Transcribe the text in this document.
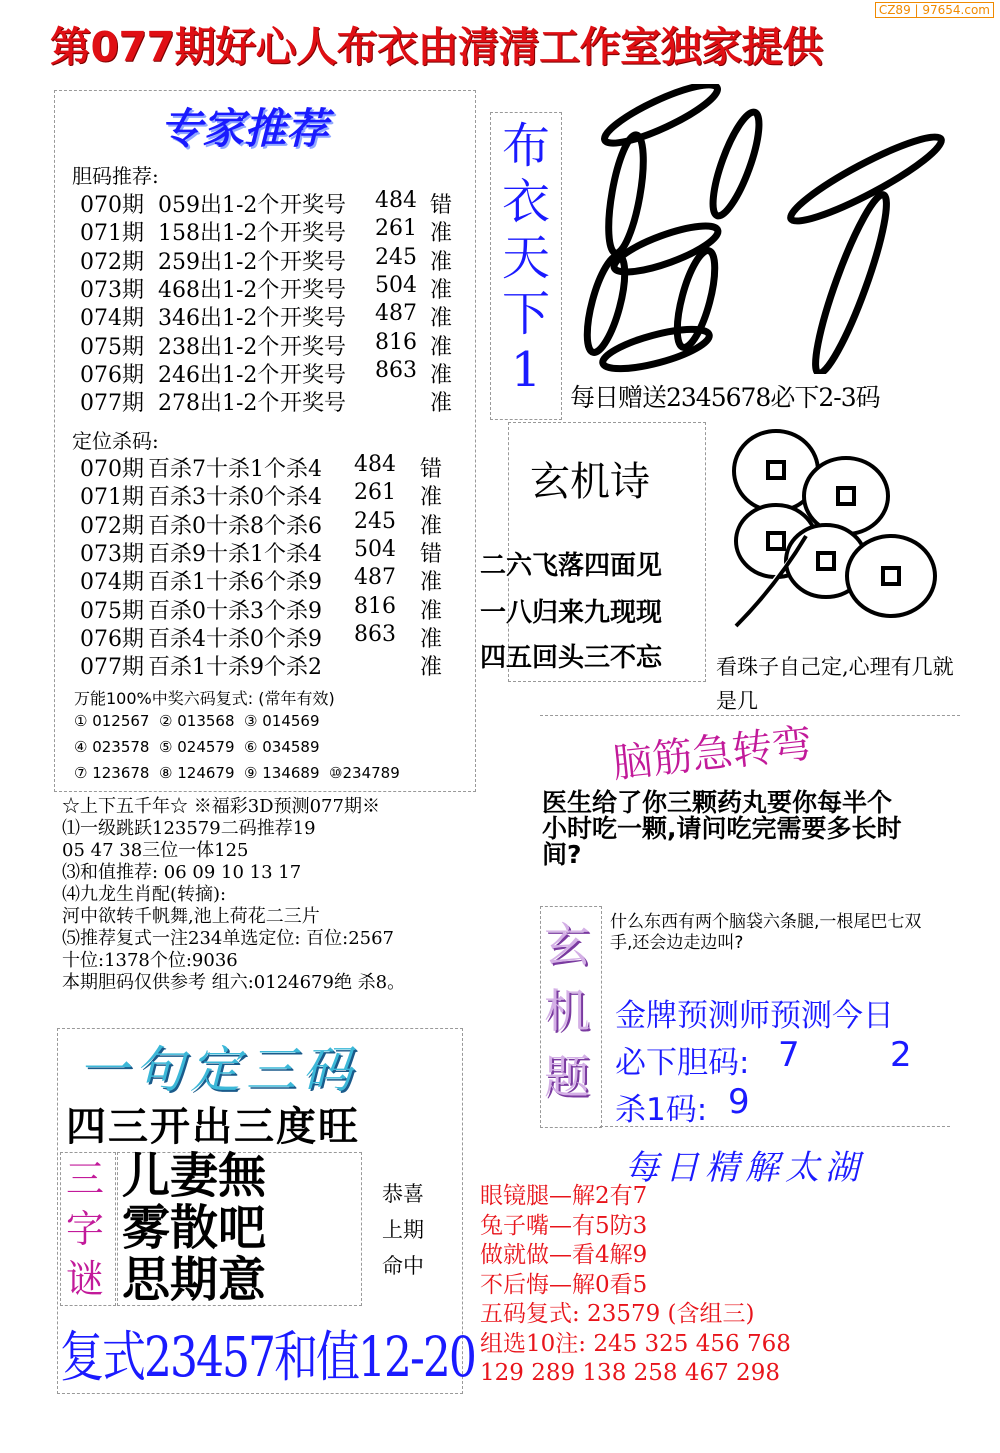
CZ89 | 97654.com
第077期好心人布衣由清清工作室独家提供
专家推荐
胆码推荐:
070期 059出1-2个 开奖号 484 错
071期 158出1-2个 开奖号 261 准
072期 259出1-2个 开奖号 245 准
073期 468出1-2个 开奖号 504 准
074期 346出1-2个 开奖号 487 准
075期 238出1-2个 开奖号 816 准
076期 246出1-2个 开奖号 863 准
077期 278出1-2个 开奖号	准
定位杀码:
070期 百杀7十杀1个杀4 484 错
071期 百杀3十杀0个杀4 261 准
072期 百杀0十杀8个杀6 245 准
073期 百杀9十杀1个杀4 504 错
074期 百杀1十杀6个杀9 487 准
075期 百杀0十杀3个杀9 816 准
076期 百杀4十杀0个杀9 863 准
077期 百杀1十杀9个杀2	准
万能100%中奖六码复式: (常年有效)
① 012567  ② 013568  ③ 014569
④ 023578  ⑤ 024579  ⑥ 034589
⑦ 123678  ⑧ 124679  ⑨ 134689  ⑩234789
☆上下五千年☆ ※福彩3D预测077期※
⑴一级跳跃123579二码推荐19
05 47 38三位一体125
⑶和值推荐: 06 09 10 13 17
⑷九龙生肖配(转摘):
河中欲转千帆舞,池上荷花二三片
⑸推荐复式一注234单选定位: 百位:2567
十位:1378个位:9036
本期胆码仅供参考 组六:0124679绝 杀8。
一句定三码
四三开出三度旺
三字谜
儿妻無
雾散吧
思期意
恭喜
上期
命中
复式23457和值12-20
布
衣
天
下
1	每日赠送2345678必下2-3码
玄机诗
二六飞落四面见
一八归来九现现
四五回头三不忘	看珠子自己定,心理有几就是几
脑筋急转弯
医生给了你三颗药丸要你每半个小时吃一颗,请问吃完需要多长时间?
玄机题
什么东西有两个脑袋六条腿,一根尾巴七双手,还会边走边叫?
金牌预测师预测今日
必下胆码: 7	2
杀1码: 9
每日精解太湖
眼镜腿—解2有7
兔子嘴—有5防3
做就做—看4解9
不后悔—解0看5
五码复式: 23579 (含组三)
组选10注: 245 325 456 768
129 289 138 258 467 298
